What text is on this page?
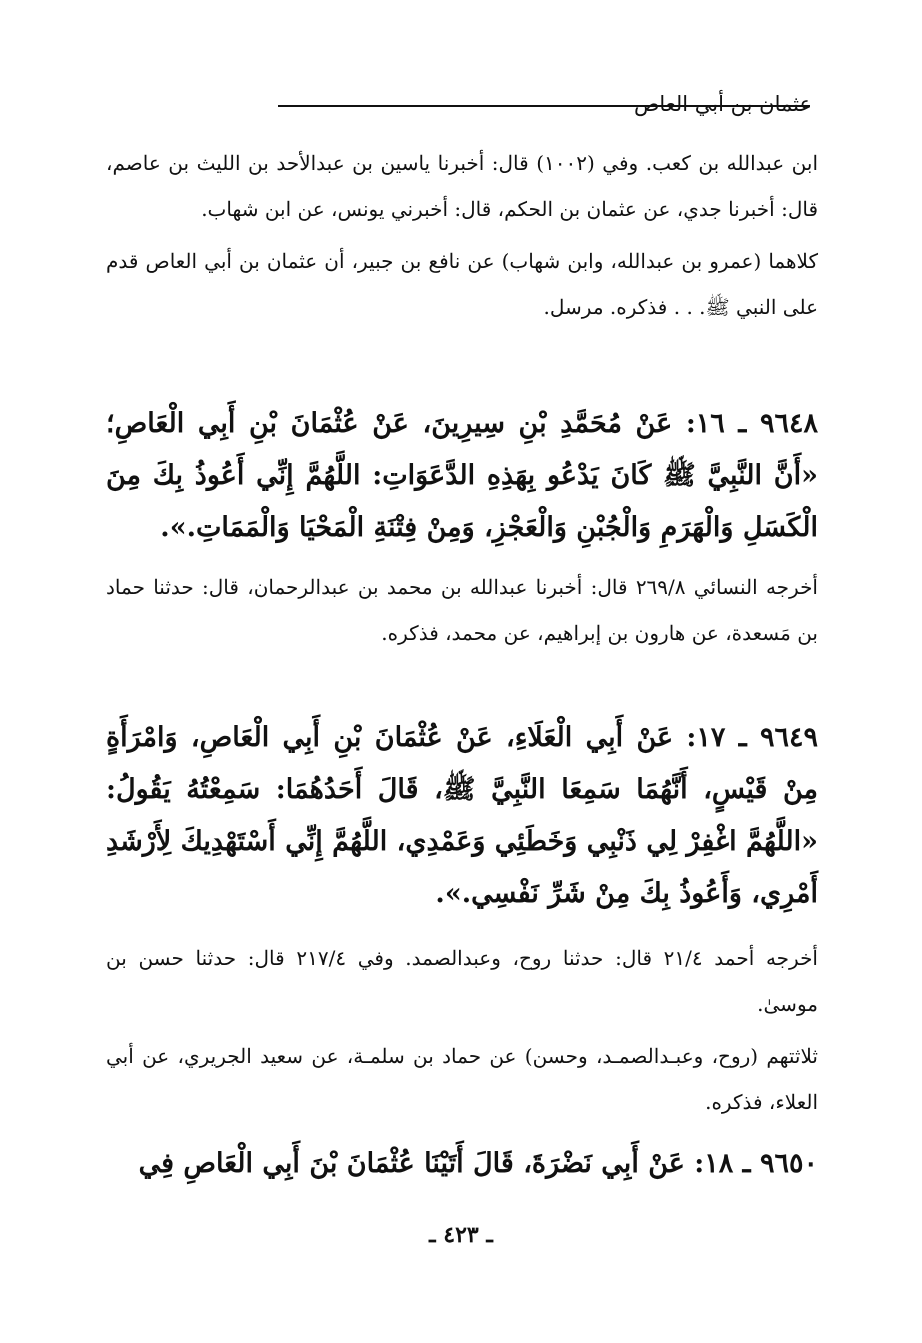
عثمان بن أبي العاص

ابن عبدالله بن كعب. وفي (١٠٠٢) قال: أخبرنا ياسين بن عبدالأحد بن الليث بن عاصم، قال: أخبرنا جدي، عن عثمان بن الحكم، قال: أخبرني يونس، عن ابن شهاب.

كلاهما (عمرو بن عبدالله، وابن شهاب) عن نافع بن جبير، أن عثمان بن أبي العاص قدم على النبي ﷺ. . . فذكره. مرسل.

٩٦٤٨ ـ ١٦: عَنْ مُحَمَّدِ بْنِ سِيرِينَ، عَنْ عُثْمَانَ بْنِ أَبِي الْعَاصِ؛ «أَنَّ النَّبِيَّ ﷺ كَانَ يَدْعُو بِهَذِهِ الدَّعَوَاتِ: اللَّهُمَّ إِنِّي أَعُوذُ بِكَ مِنَ الْكَسَلِ وَالْهَرَمِ وَالْجُبْنِ وَالْعَجْزِ، وَمِنْ فِتْنَةِ الْمَحْيَا وَالْمَمَاتِ.».
أخرجه النسائي ٢٦٩/٨ قال: أخبرنا عبدالله بن محمد بن عبدالرحمان، قال: حدثنا حماد بن مَسعدة، عن هارون بن إبراهيم، عن محمد، فذكره.
٩٦٤٩ ـ ١٧: عَنْ أَبِي الْعَلَاءِ، عَنْ عُثْمَانَ بْنِ أَبِي الْعَاصِ، وَامْرَأَةٍ مِنْ قَيْسٍ، أَنَّهُمَا سَمِعَا النَّبِيَّ ﷺ، قَالَ أَحَدُهُمَا: سَمِعْتُهُ يَقُولُ: «اللَّهُمَّ اغْفِرْ لِي ذَنْبِي وَخَطَئِي وَعَمْدِي، اللَّهُمَّ إِنِّي أَسْتَهْدِيكَ لِأَرْشَدِ أَمْرِي، وَأَعُوذُ بِكَ مِنْ شَرِّ نَفْسِي.».

أخرجه أحمد ٢١/٤ قال: حدثنا روح، وعبدالصمد. وفي ٢١٧/٤ قال: حدثنا حسن بن موسىٰ.

ثلاثتهم (روح، وعبـدالصمـد، وحسن) عن حماد بن سلمـة، عن سعيد الجريري، عن أبي العلاء، فذكره.

٩٦٥٠ ـ ١٨: عَنْ أَبِي نَضْرَةَ، قَالَ أَتَيْنَا عُثْمَانَ بْنَ أَبِي الْعَاصِ فِي
ـ ٤٢٣ ـ
